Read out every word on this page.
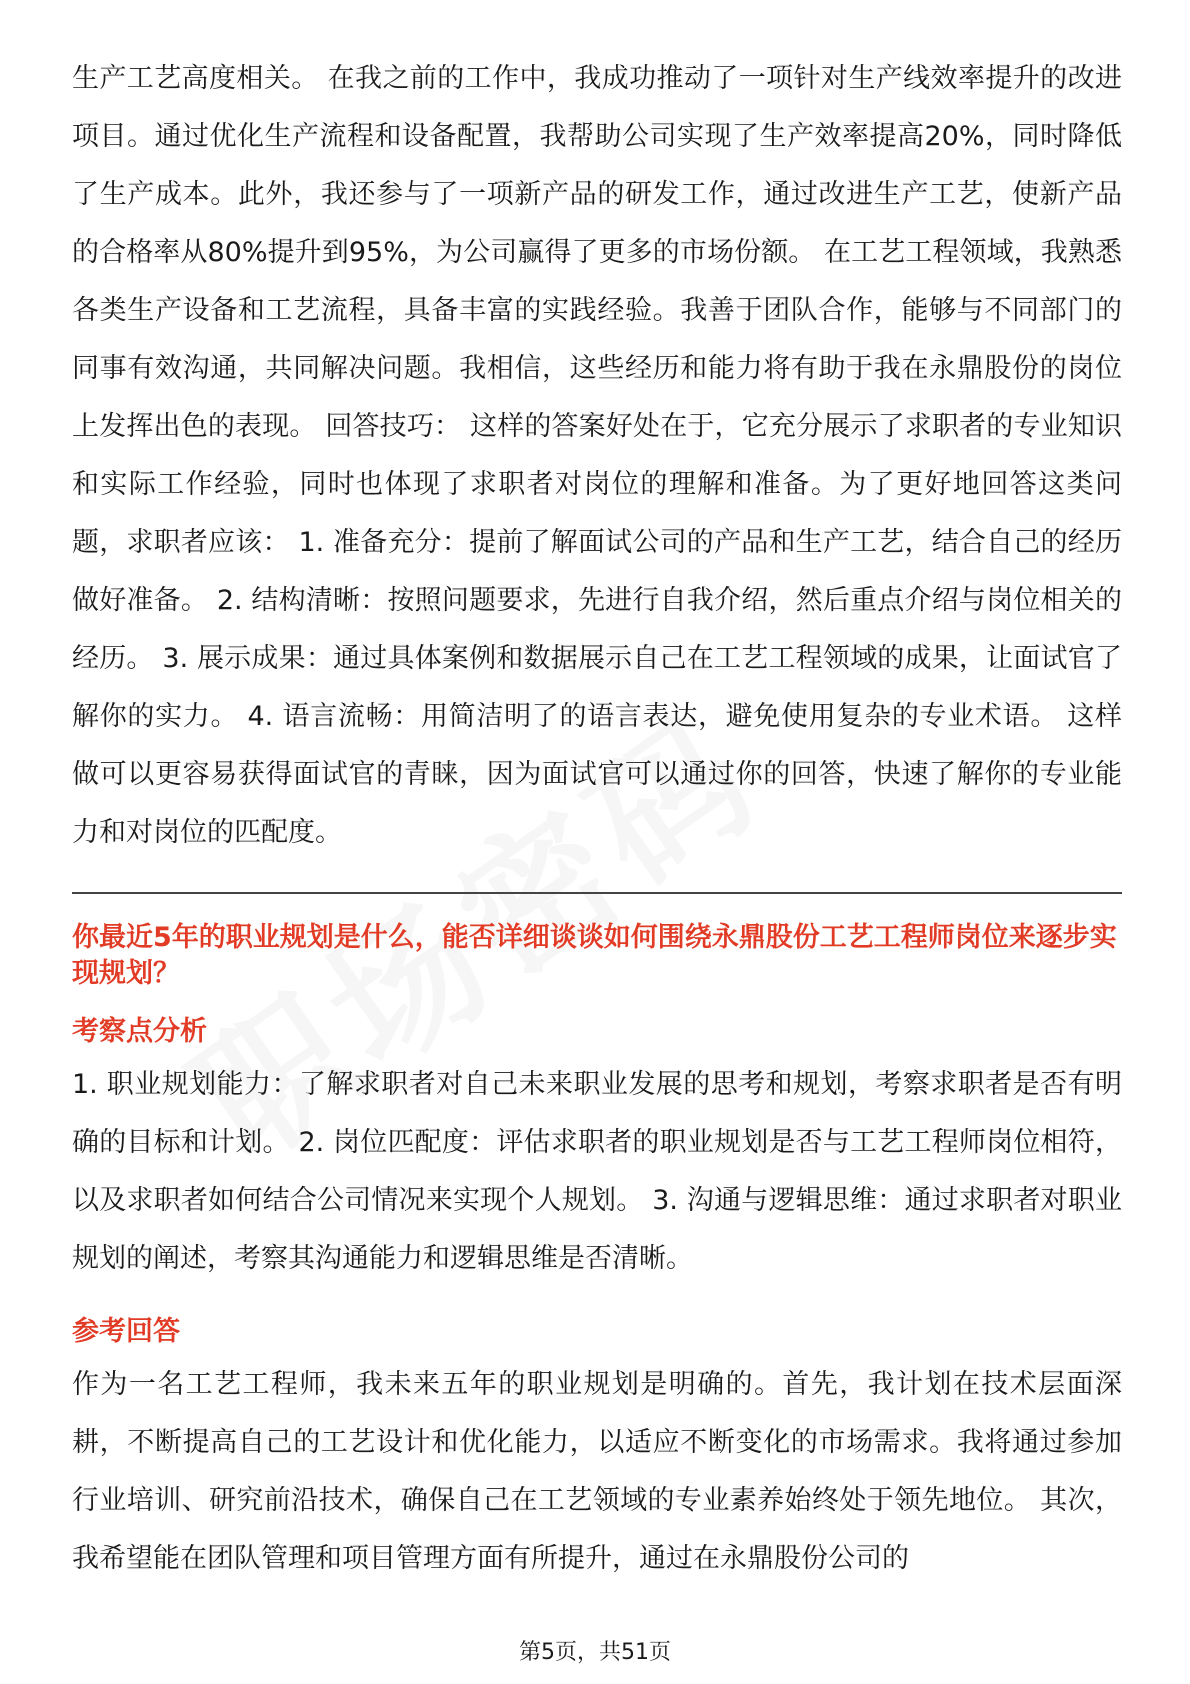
生产工艺高度相关。 在我之前的工作中，我成功推动了一项针对生产线效率提升的改进项目。通过优化生产流程和设备配置，我帮助公司实现了生产效率提高20%，同时降低了生产成本。此外，我还参与了一项新产品的研发工作，通过改进生产工艺，使新产品的合格率从80%提升到95%，为公司赢得了更多的市场份额。 在工艺工程领域，我熟悉各类生产设备和工艺流程，具备丰富的实践经验。我善于团队合作，能够与不同部门的同事有效沟通，共同解决问题。我相信，这些经历和能力将有助于我在永鼎股份的岗位上发挥出色的表现。 回答技巧： 这样的答案好处在于，它充分展示了求职者的专业知识和实际工作经验，同时也体现了求职者对岗位的理解和准备。为了更好地回答这类问题，求职者应该： 1. 准备充分：提前了解面试公司的产品和生产工艺，结合自己的经历做好准备。 2. 结构清晰：按照问题要求，先进行自我介绍，然后重点介绍与岗位相关的经历。 3. 展示成果：通过具体案例和数据展示自己在工艺工程领域的成果，让面试官了解你的实力。 4. 语言流畅：用简洁明了的语言表达，避免使用复杂的专业术语。 这样做可以更容易获得面试官的青睐，因为面试官可以通过你的回答，快速了解你的专业能力和对岗位的匹配度。

你最近5年的职业规划是什么，能否详细谈谈如何围绕永鼎股份工艺工程师岗位来逐步实现规划？

考察点分析

1. 职业规划能力：了解求职者对自己未来职业发展的思考和规划，考察求职者是否有明确的目标和计划。 2. 岗位匹配度：评估求职者的职业规划是否与工艺工程师岗位相符，以及求职者如何结合公司情况来实现个人规划。 3. 沟通与逻辑思维：通过求职者对职业规划的阐述，考察其沟通能力和逻辑思维是否清晰。

参考回答

作为一名工艺工程师，我未来五年的职业规划是明确的。首先，我计划在技术层面深耕，不断提高自己的工艺设计和优化能力，以适应不断变化的市场需求。我将通过参加行业培训、研究前沿技术，确保自己在工艺领域的专业素养始终处于领先地位。 其次，我希望能在团队管理和项目管理方面有所提升，通过在永鼎股份公司的

第5页，共51页
